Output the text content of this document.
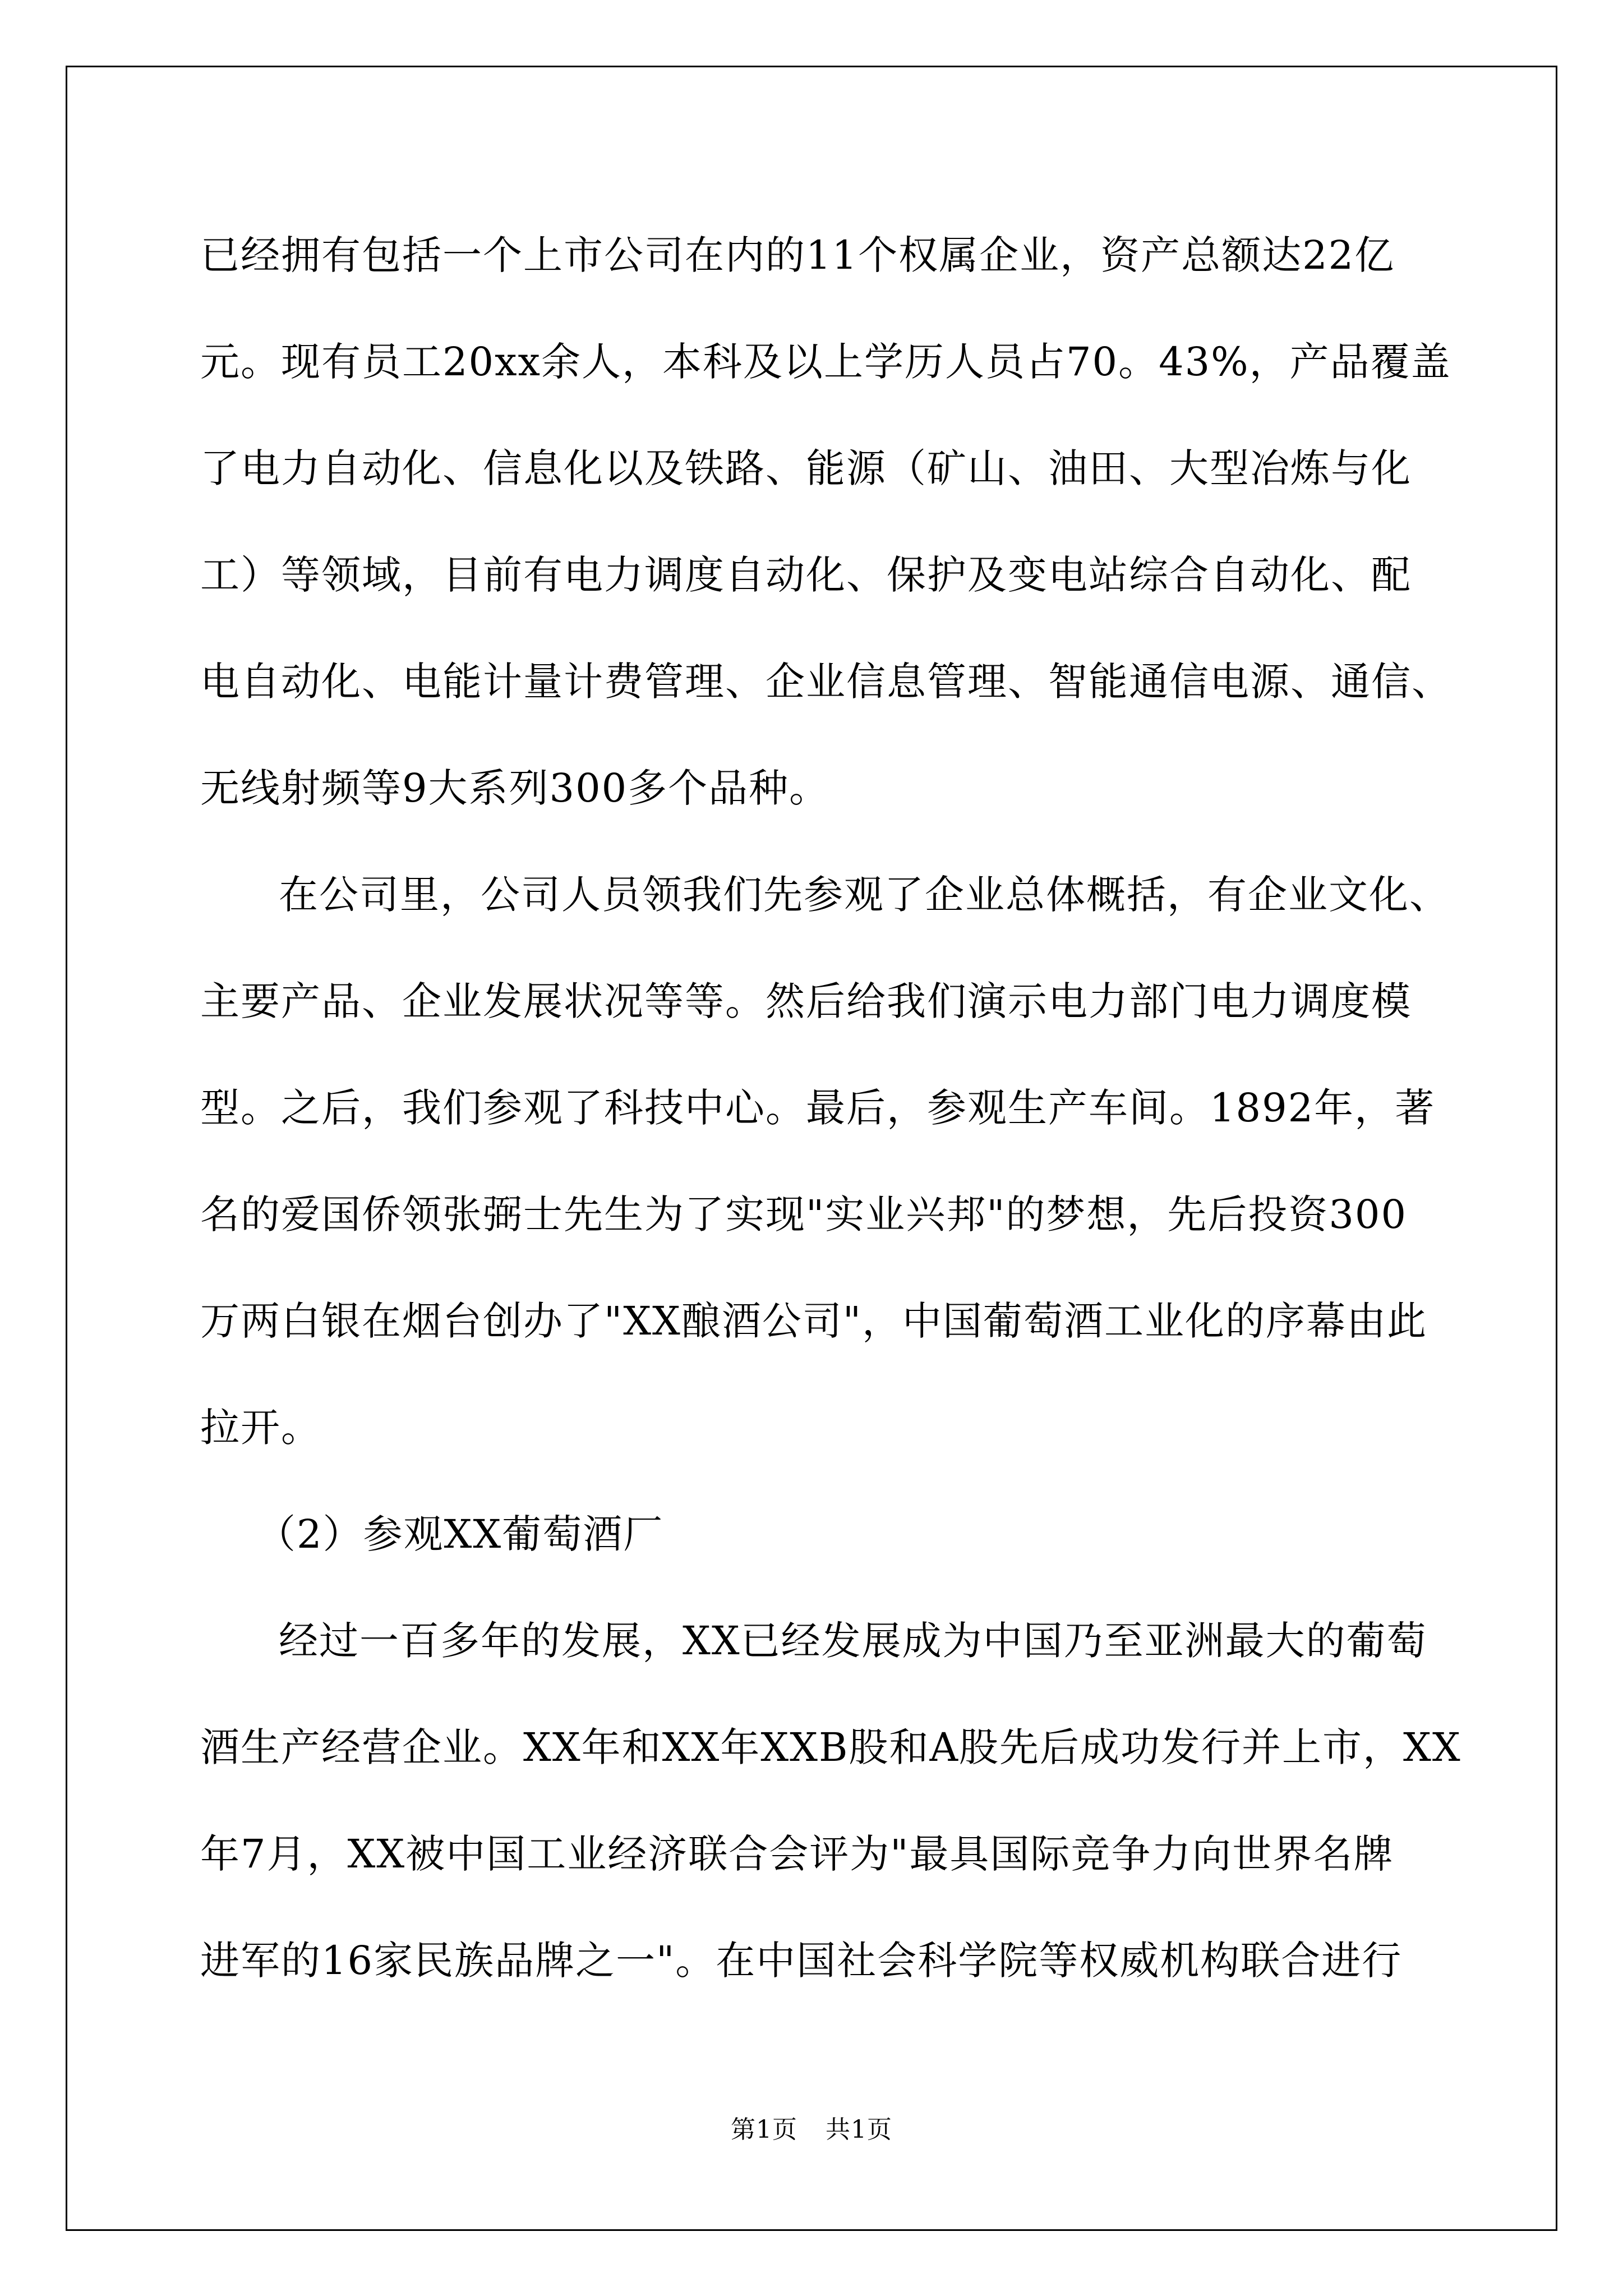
已经拥有包括一个上市公司在内的11个权属企业，资产总额达22亿
元。现有员工20xx余人，本科及以上学历人员占70。43%，产品覆盖
了电力自动化、信息化以及铁路、能源（矿山、油田、大型冶炼与化
工）等领域，目前有电力调度自动化、保护及变电站综合自动化、配
电自动化、电能计量计费管理、企业信息管理、智能通信电源、通信、
无线射频等9大系列300多个品种。
在公司里，公司人员领我们先参观了企业总体概括，有企业文化、
主要产品、企业发展状况等等。然后给我们演示电力部门电力调度模
型。之后，我们参观了科技中心。最后，参观生产车间。1892年，著
名的爱国侨领张弼士先生为了实现"实业兴邦"的梦想，先后投资300
万两白银在烟台创办了"XX酿酒公司"，中国葡萄酒工业化的序幕由此
拉开。
（2）参观XX葡萄酒厂
经过一百多年的发展，XX已经发展成为中国乃至亚洲最大的葡萄
酒生产经营企业。XX年和XX年XXB股和A股先后成功发行并上市，XX
年7月，XX被中国工业经济联合会评为"最具国际竞争力向世界名牌
进军的16家民族品牌之一"。在中国社会科学院等权威机构联合进行
第1页 共1页
